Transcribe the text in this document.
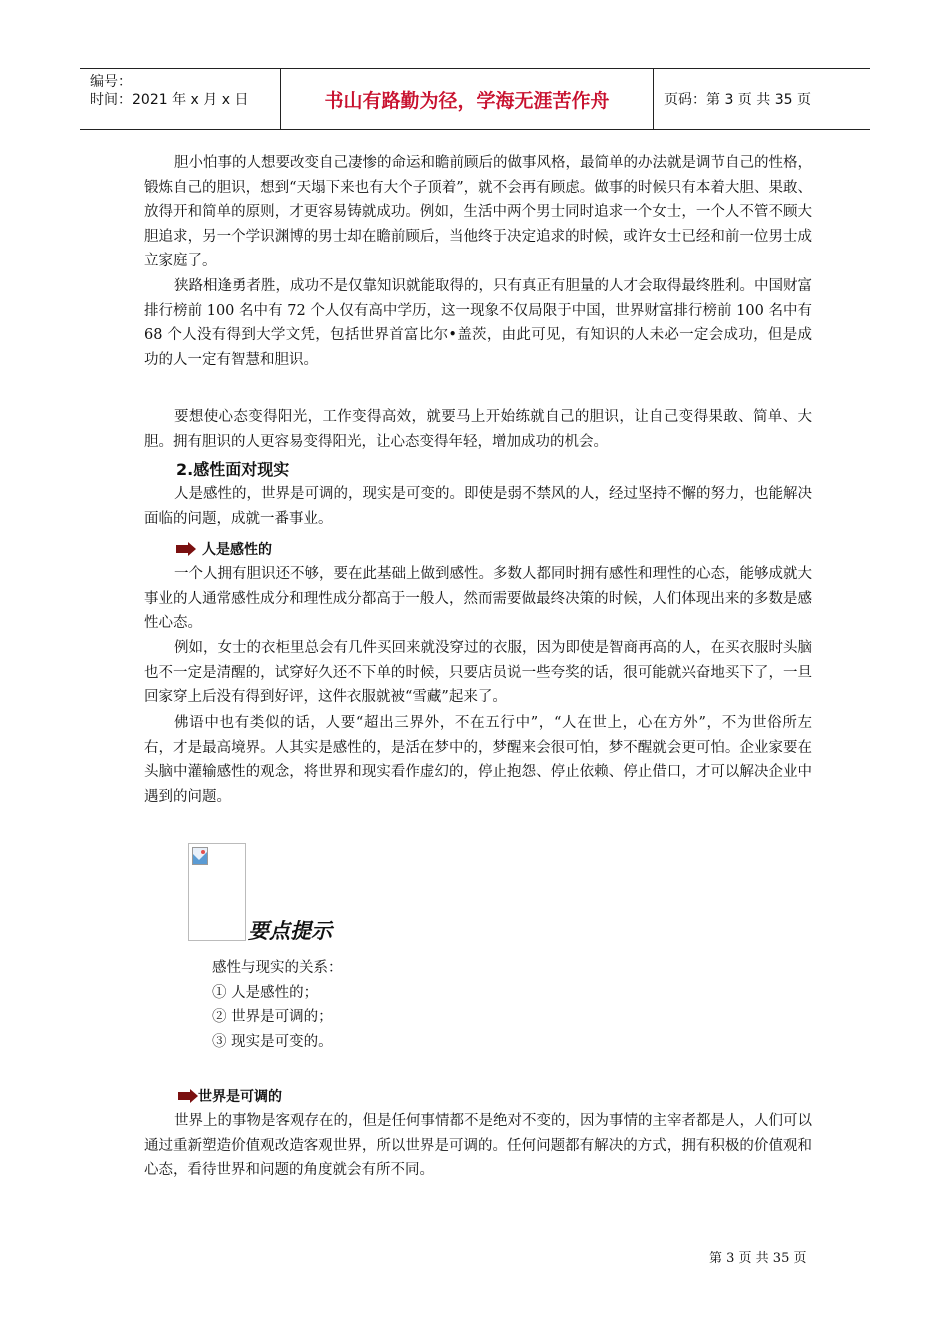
编号：
时间：2021 年 x 月 x 日	书山有路勤为径，学海无涯苦作舟	页码：第 3 页 共 35 页

胆小怕事的人想要改变自己凄惨的命运和瞻前顾后的做事风格，最简单的办法就是调节自己的性格，锻炼自己的胆识，想到“天塌下来也有大个子顶着”，就不会再有顾虑。做事的时候只有本着大胆、果敢、放得开和简单的原则，才更容易铸就成功。例如，生活中两个男士同时追求一个女士，一个人不管不顾大胆追求，另一个学识渊博的男士却在瞻前顾后，当他终于决定追求的时候，或许女士已经和前一位男士成立家庭了。

狭路相逢勇者胜，成功不是仅靠知识就能取得的，只有真正有胆量的人才会取得最终胜利。中国财富排行榜前 100 名中有 72 个人仅有高中学历，这一现象不仅局限于中国，世界财富排行榜前 100 名中有 68 个人没有得到大学文凭，包括世界首富比尔•盖茨，由此可见，有知识的人未必一定会成功，但是成功的人一定有智慧和胆识。

要想使心态变得阳光，工作变得高效，就要马上开始练就自己的胆识，让自己变得果敢、简单、大胆。拥有胆识的人更容易变得阳光，让心态变得年轻，增加成功的机会。

2.感性面对现实

人是感性的，世界是可调的，现实是可变的。即使是弱不禁风的人，经过坚持不懈的努力，也能解决面临的问题，成就一番事业。

人是感性的

一个人拥有胆识还不够，要在此基础上做到感性。多数人都同时拥有感性和理性的心态，能够成就大事业的人通常感性成分和理性成分都高于一般人，然而需要做最终决策的时候，人们体现出来的多数是感性心态。

例如，女士的衣柜里总会有几件买回来就没穿过的衣服，因为即使是智商再高的人，在买衣服时头脑也不一定是清醒的，试穿好久还不下单的时候，只要店员说一些夸奖的话，很可能就兴奋地买下了，一旦回家穿上后没有得到好评，这件衣服就被“雪藏”起来了。

佛语中也有类似的话，人要“超出三界外，不在五行中”，“人在世上，心在方外”，不为世俗所左右，才是最高境界。人其实是感性的，是活在梦中的，梦醒来会很可怕，梦不醒就会更可怕。企业家要在头脑中灌输感性的观念，将世界和现实看作虚幻的，停止抱怨、停止依赖、停止借口，才可以解决企业中遇到的问题。

要点提示
感性与现实的关系：
① 人是感性的；
② 世界是可调的；
③ 现实是可变的。
世界是可调的

世界上的事物是客观存在的，但是任何事情都不是绝对不变的，因为事情的主宰者都是人，人们可以通过重新塑造价值观改造客观世界，所以世界是可调的。任何问题都有解决的方式，拥有积极的价值观和心态，看待世界和问题的角度就会有所不同。

第 3 页 共 35 页
